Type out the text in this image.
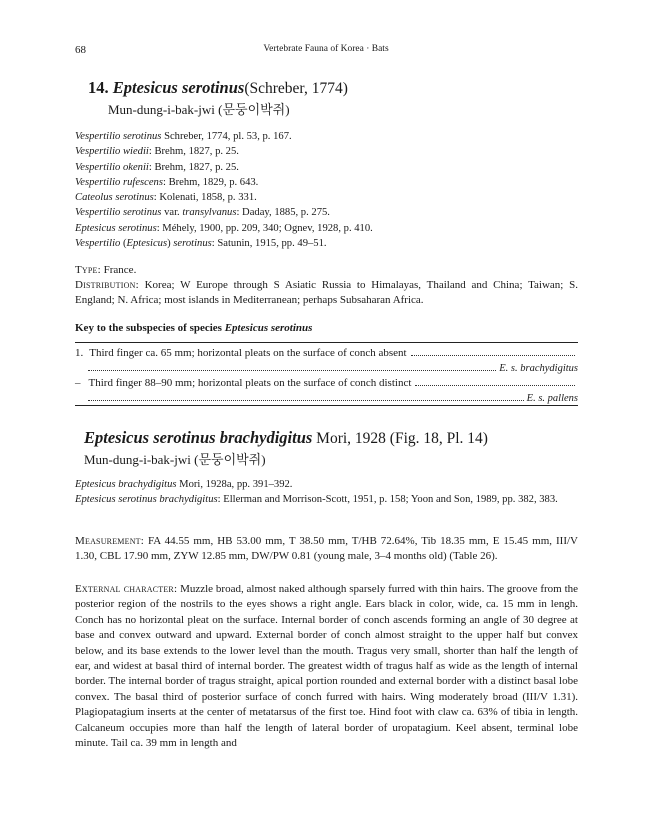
68	Vertebrate Fauna of Korea · Bats
14. Eptesicus serotinus(Schreber, 1774)
Mun-dung-i-bak-jwi (문둥이박쥐)
Vespertilio serotinus Schreber, 1774, pl. 53, p. 167.
Vespertilio wiedii: Brehm, 1827, p. 25.
Vespertilio okenii: Brehm, 1827, p. 25.
Vespertilio rufescens: Brehm, 1829, p. 643.
Cateolus serotinus: Kolenati, 1858, p. 331.
Vespertilio serotinus var. transylvanus: Daday, 1885, p. 275.
Eptesicus serotinus: Méhely, 1900, pp. 209, 340; Ognev, 1928, p. 410.
Vespertilio (Eptesicus) serotinus: Satunin, 1915, pp. 49–51.
Type: France.
Distribution: Korea; W Europe through S Asiatic Russia to Himalayas, Thailand and China; Taiwan; S. England; N. Africa; most islands in Mediterranean; perhaps Subsaharan Africa.
Key to the subspecies of species Eptesicus serotinus
1. Third finger ca. 65 mm; horizontal pleats on the surface of conch absent
E. s. brachydigitus
– Third finger 88–90 mm; horizontal pleats on the surface of conch distinct
E. s. pallens
Eptesicus serotinus brachydigitus Mori, 1928 (Fig. 18, Pl. 14)
Mun-dung-i-bak-jwi (문둥이박쥐)
Eptesicus brachydigitus Mori, 1928a, pp. 391–392.
Eptesicus serotinus brachydigitus: Ellerman and Morrison-Scott, 1951, p. 158; Yoon and Son, 1989, pp. 382, 383.
Measurement: FA 44.55 mm, HB 53.00 mm, T 38.50 mm, T/HB 72.64%, Tib 18.35 mm, E 15.45 mm, III/V 1.30, CBL 17.90 mm, ZYW 12.85 mm, DW/PW 0.81 (young male, 3–4 months old) (Table 26).
External character: Muzzle broad, almost naked although sparsely furred with thin hairs. The groove from the posterior region of the nostrils to the eyes shows a right angle. Ears black in color, wide, ca. 15 mm in lengh. Conch has no horizontal pleat on the surface. Internal border of conch ascends forming an angle of 30 degree at base and convex outward and upward. External border of conch almost straight to the upper half but convex below, and its base extends to the lower level than the mouth. Tragus very small, shorter than half the length of ear, and widest at basal third of internal border. The greatest width of tragus half as wide as the length of internal border. The internal border of tragus straight, apical portion rounded and external border with a distinct basal lobe convex. The basal third of posterior surface of conch furred with hairs. Wing moderately broad (III/V 1.31). Plagiopatagium inserts at the center of metatarsus of the first toe. Hind foot with claw ca. 63% of tibia in length. Calcaneum occupies more than half the length of lateral border of uropatagium. Keel absent, terminal lobe minute. Tail ca. 39 mm in length and
